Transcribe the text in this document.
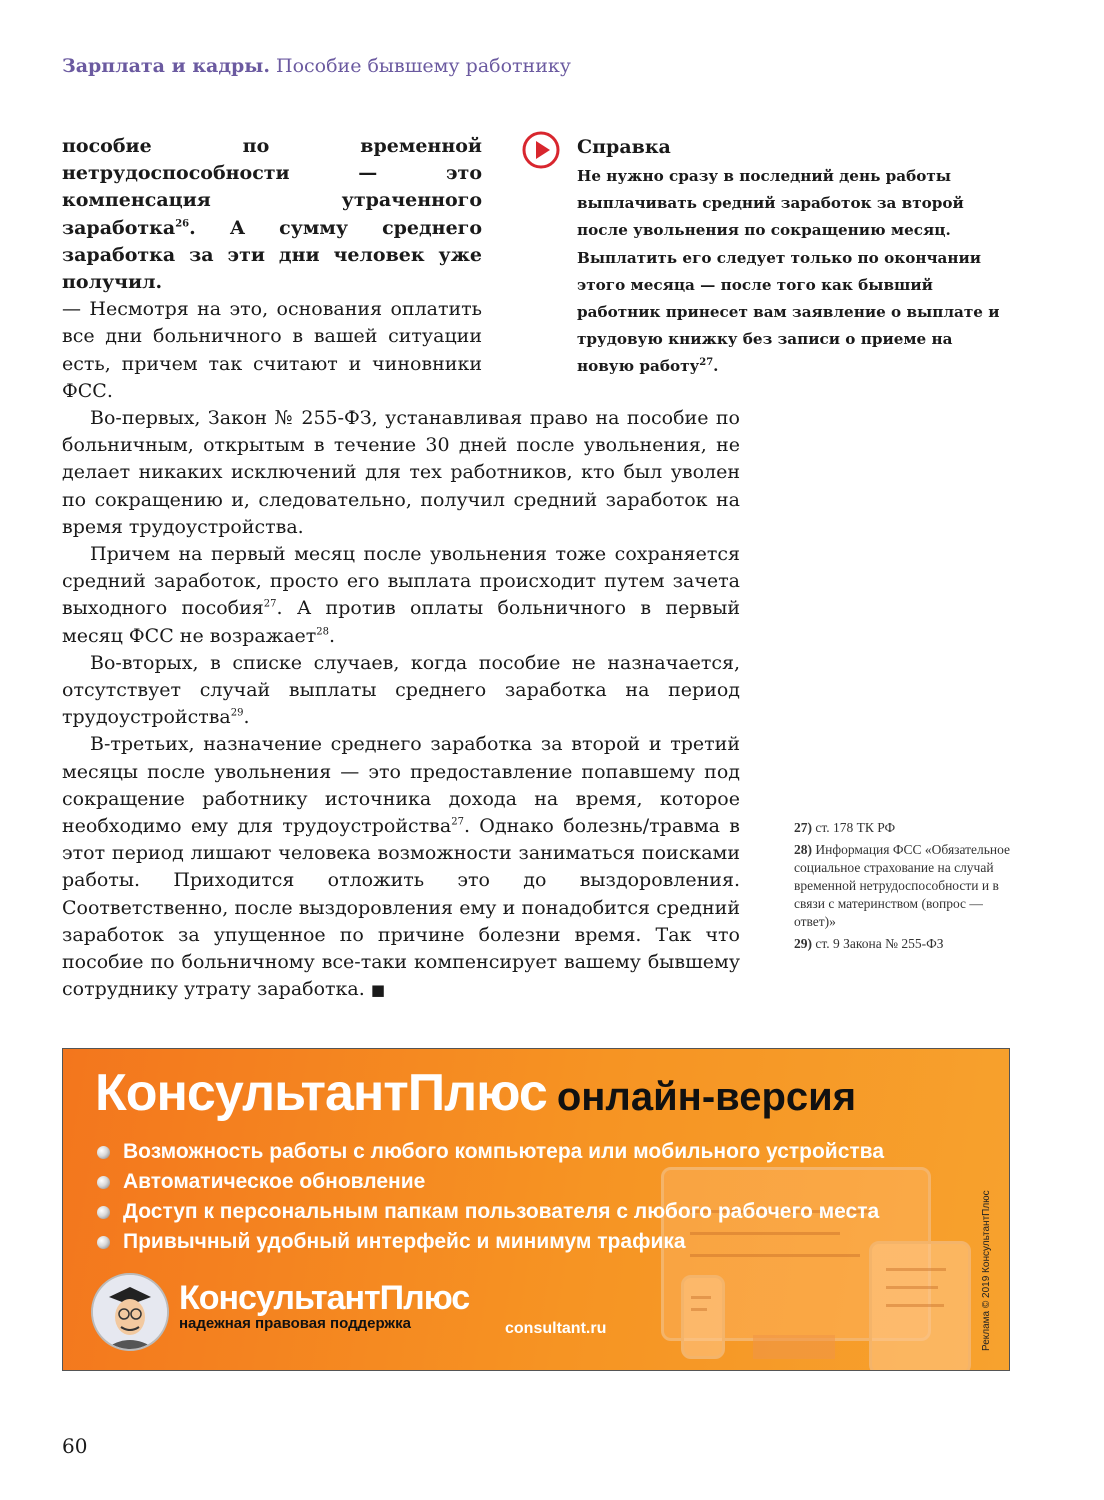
Зарплата и кадры. Пособие бывшему работнику

пособие по временной нетрудоспособности — это компенсация утраченного заработка$^{26}$. А сумму среднего заработка за эти дни человек уже получил.

— Несмотря на это, основания оплатить все дни больничного в вашей ситуации есть, причем так считают и чиновники ФСС.

Во-первых, Закон № 255-ФЗ, устанавливая право на пособие по больничным, открытым в течение 30 дней после увольнения, не делает никаких исключений для тех работников, кто был уволен по сокращению и, следовательно, получил средний заработок на время трудоустройства.

Причем на первый месяц после увольнения тоже сохраняется средний заработок, просто его выплата происходит путем зачета выходного пособия$^{27}$. А против оплаты больничного в первый месяц ФСС не возражает$^{28}$.

Во-вторых, в списке случаев, когда пособие не назначается, отсутствует случай выплаты среднего заработка на период трудоустройства$^{29}$.

В-третьих, назначение среднего заработка за второй и третий месяцы после увольнения — это предоставление попавшему под сокращение работнику источника дохода на время, которое необходимо ему для трудоустройства$^{27}$. Однако болезнь/травма в этот период лишают человека возможности заниматься поисками работы. Приходится отложить это до выздоровления. Соответственно, после выздоровления ему и понадобится средний заработок за упущенное по причине болезни время. Так что пособие по больничному все-таки компенсирует вашему бывшему сотруднику утрату заработка. ■

Справка
Не нужно сразу в последний день работы выплачивать средний заработок за второй после увольнения по сокращению месяц. Выплатить его следует только по окончании этого месяца — после того как бывший работник принесет вам заявление о выплате и трудовую книжку без записи о приеме на новую работу$^{27}$.
27) ст. 178 ТК РФ
28) Информация ФСС «Обязательное социальное страхование на случай временной нетрудоспособности и в связи с материнством (вопрос — ответ)»
29) ст. 9 Закона № 255-ФЗ
КонсультантПлюс онлайн-версия
Возможность работы с любого компьютера или мобильного устройства
Автоматическое обновление
Доступ к персональным папкам пользователя с любого рабочего места
Привычный удобный интерфейс и минимум трафика
КонсультантПлюс
надежная правовая поддержка	consultant.ru	Реклама © 2019 КонсультантПлюс
60
